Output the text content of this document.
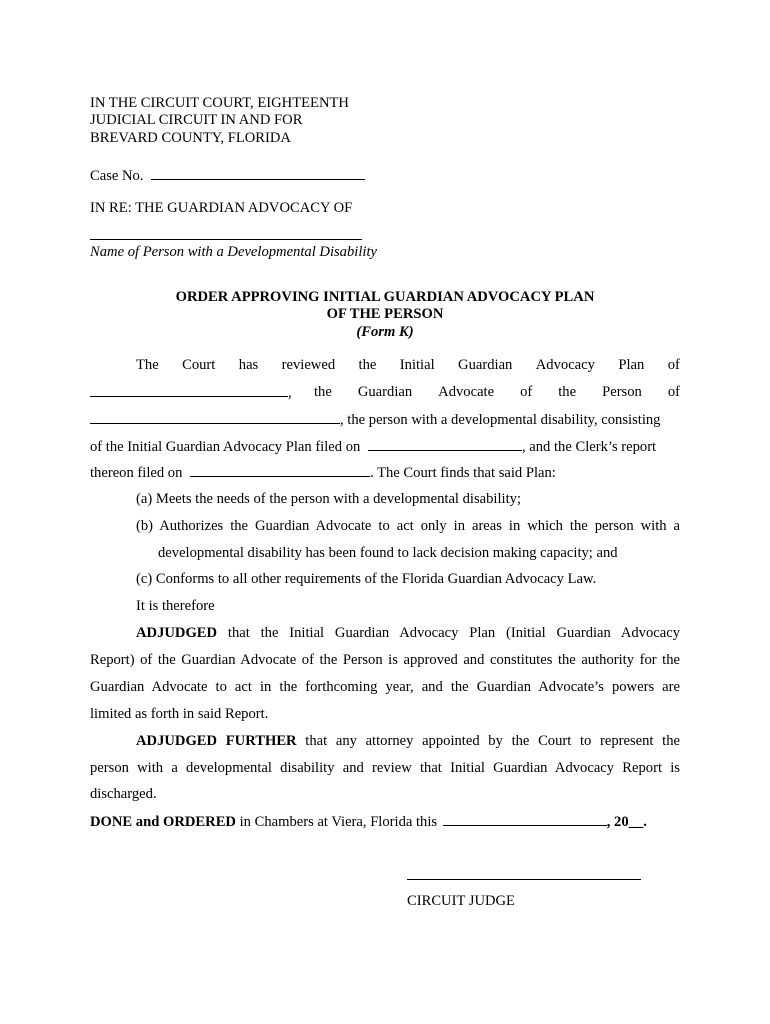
IN THE CIRCUIT COURT, EIGHTEENTH
JUDICIAL CIRCUIT IN AND FOR
BREVARD COUNTY, FLORIDA
Case No.
IN RE: THE GUARDIAN ADVOCACY OF
Name of Person with a Developmental Disability
ORDER APPROVING INITIAL GUARDIAN ADVOCACY PLAN
OF THE PERSON
(Form K)
The Court has reviewed the Initial Guardian Advocacy Plan of
, the Guardian Advocate of the Person of
, the person with a developmental disability, consisting
of the Initial Guardian Advocacy Plan filed on	, and the Clerk’s report
thereon filed on	. The Court finds that said Plan:
(a) Meets the needs of the person with a developmental disability;
(b) Authorizes the Guardian Advocate to act only in areas in which the person with a
developmental disability has been found to lack decision making capacity; and
(c) Conforms to all other requirements of the Florida Guardian Advocacy Law.
It is therefore
ADJUDGED that the Initial Guardian Advocacy Plan (Initial Guardian Advocacy
Report) of the Guardian Advocate of the Person is approved and constitutes the authority for the
Guardian Advocate to act in the forthcoming year, and the Guardian Advocate’s powers are
limited as forth in said Report.
ADJUDGED FURTHER that any attorney appointed by the Court to represent the
person with a developmental disability and review that Initial Guardian Advocacy Report is
discharged.
DONE and ORDERED in Chambers at Viera, Florida this	, 20__.
CIRCUIT JUDGE
